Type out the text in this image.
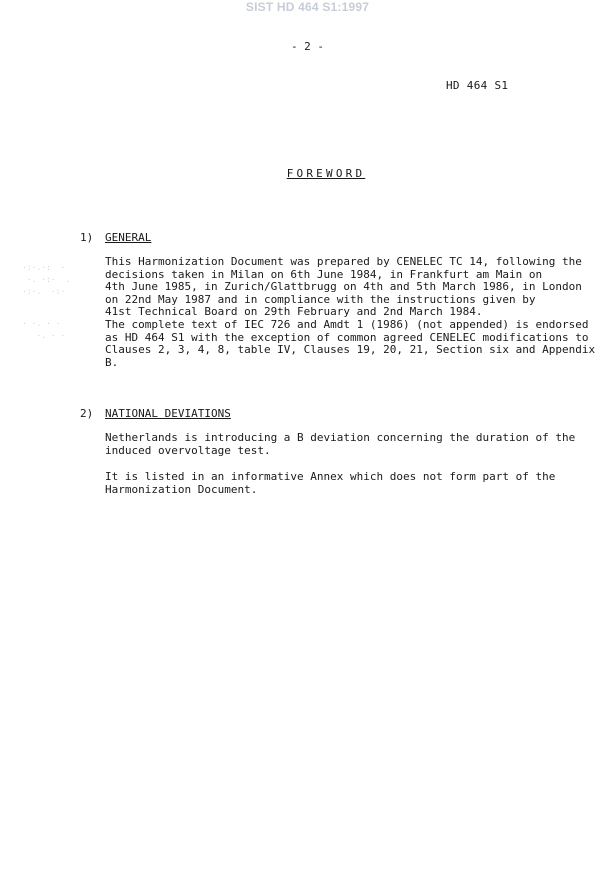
SIST HD 464 S1:1997
- 2 -
HD 464 S1
FOREWORD
1) GENERAL

This Harmonization Document was prepared by CENELEC TC 14, following the
decisions taken in Milan on 6th June 1984, in Frankfurt am Main on
4th June 1985, in Zurich/Glattbrugg on 4th and 5th March 1986, in London
on 22nd May 1987 and in compliance with the instructions given by
41st Technical Board on 29th February and 2nd March 1984.
The complete text of IEC 726 and Amdt 1 (1986) (not appended) is endorsed
as HD 464 S1 with the exception of common agreed CENELEC modifications to
Clauses 2, 3, 4, 8, table IV, Clauses 19, 20, 21, Section six and Appendix
B.

2) NATIONAL DEVIATIONS

Netherlands is introducing a B deviation concerning the duration of the
induced overvoltage test.

It is listed in an informative Annex which does not form part of the
Harmonization Document.

·:·.·:  ·
·. ·:·  .
·:·.  ·:·
· ·. · ·
·. · ·
